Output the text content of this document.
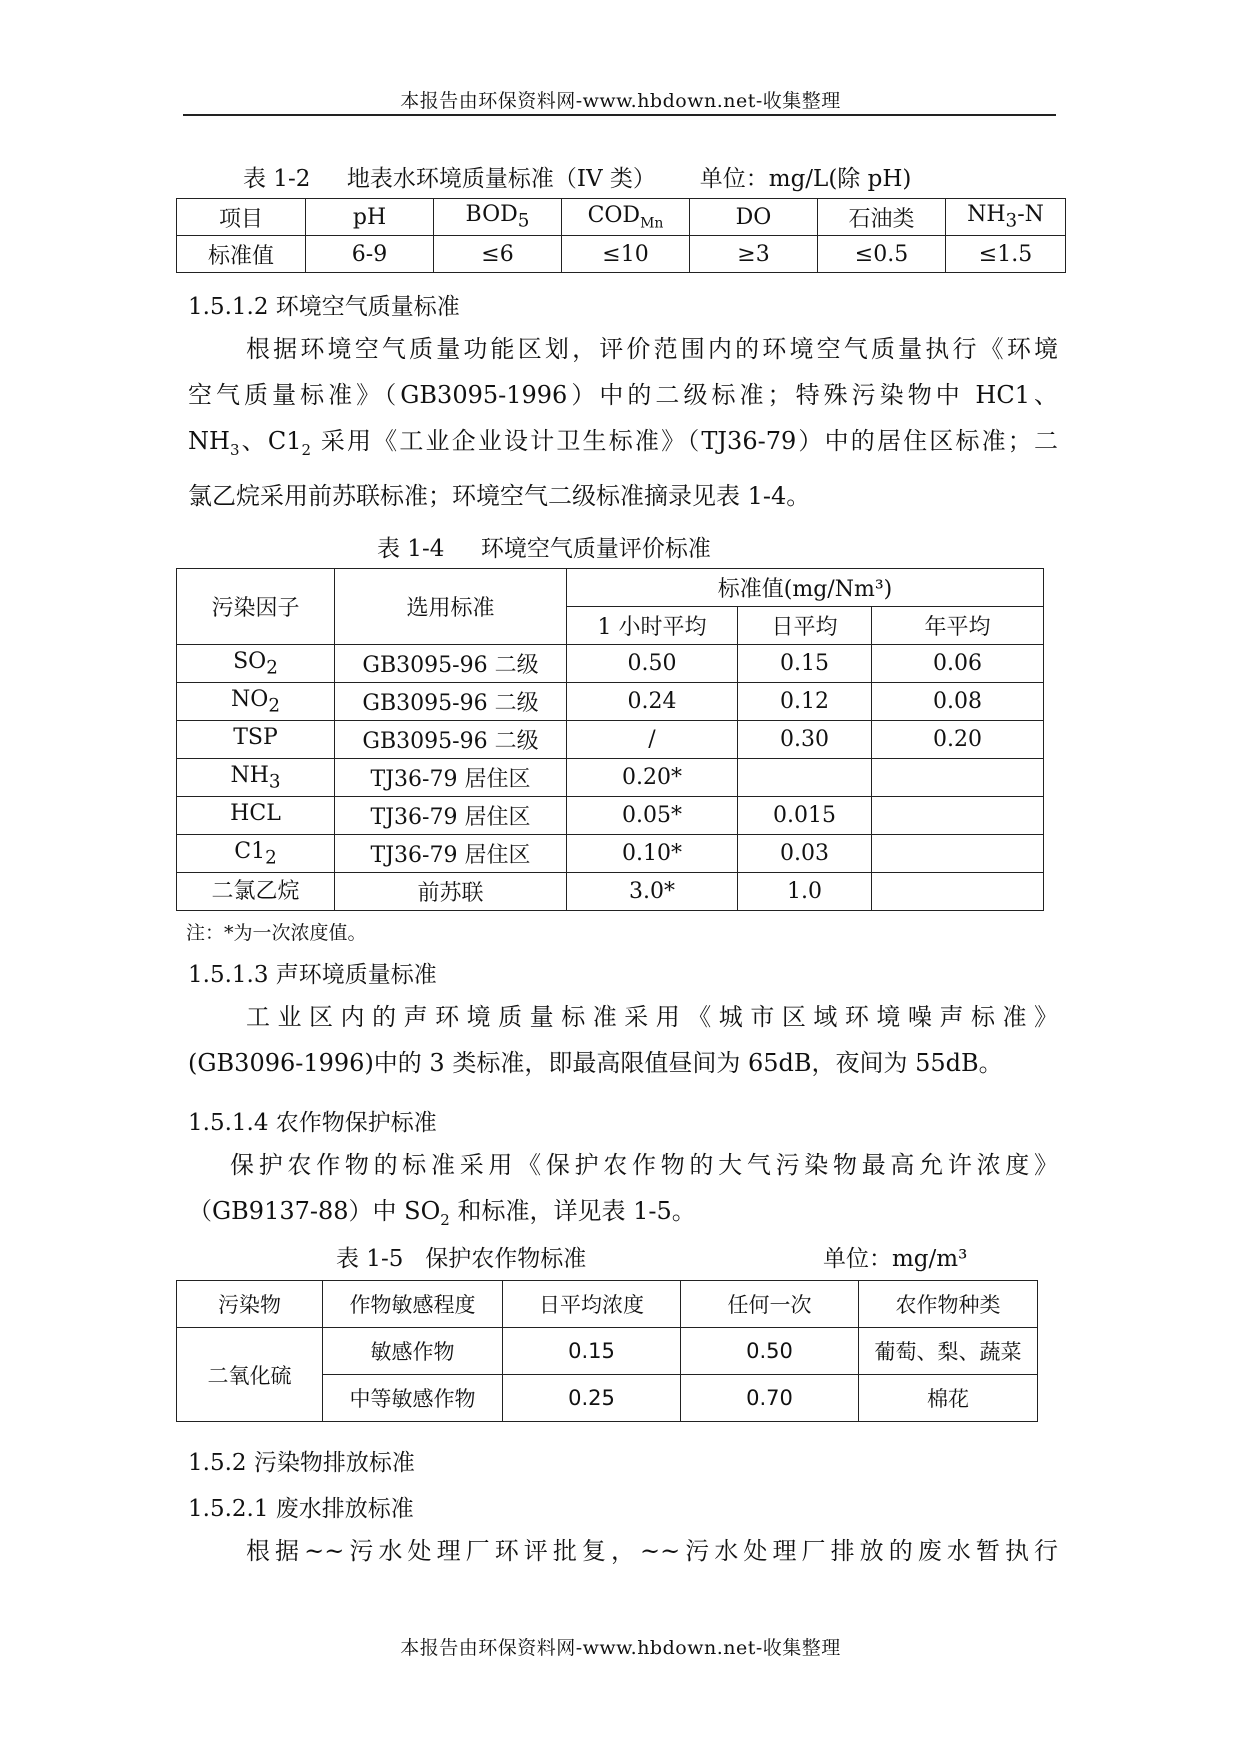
本报告由环保资料网-www.hbdown.net-收集整理
表 1-2     地表水环境质量标准（IV 类）      单位：mg/L(除 pH)
项目	pH	$BOD_5$	$COD_{Mn}$	DO	石油类	$NH_3-N$
标准值	6-9	≤6	≤10	≥3	≤0.5	≤1.5
1.5.1.2 环境空气质量标准

根据环境空气质量功能区划，评价范围内的环境空气质量执行《环境

空气质量标准》（GB3095-1996）中的二级标准；特殊污染物中 HC1、

$NH_3$、$C1_2$ 采用《工业企业设计卫生标准》（TJ36-79）中的居住区标准；二

氯乙烷采用前苏联标准；环境空气二级标准摘录见表 1-4。

表 1-4     环境空气质量评价标准
污染因子	选用标准	标准值(mg/Nm³)		
		1 小时平均	日平均	年平均
$SO_2$	GB3095-96 二级	0.50	0.15	0.06
$NO_2$	GB3095-96 二级	0.24	0.12	0.08
TSP	GB3095-96 二级	/	0.30	0.20
$NH_3$	TJ36-79 居住区	0.20*		
HCL	TJ36-79 居住区	0.05*	0.015	
$C1_2$	TJ36-79 居住区	0.10*	0.03	
二氯乙烷	前苏联	3.0*	1.0	
注：*为一次浓度值。
1.5.1.3 声环境质量标准

工业区内的声环境质量标准采用《城市区域环境噪声标准》

(GB3096-1996)中的 3 类标准，即最高限值昼间为 65dB，夜间为 55dB。

1.5.1.4 农作物保护标准

保护农作物的标准采用《保护农作物的大气污染物最高允许浓度》

（GB9137-88）中 $SO_2$ 和标准，详见表 1-5。

表 1-5   保护农作物标准	单位：mg/m³
污染物	作物敏感程度	日平均浓度	任何一次	农作物种类
二氧化硫	敏感作物	0.15	0.50	葡萄、梨、蔬菜
	中等敏感作物	0.25	0.70	棉花
1.5.2 污染物排放标准
1.5.2.1 废水排放标准

根据~~污水处理厂环评批复，~~污水处理厂排放的废水暂执行

本报告由环保资料网-www.hbdown.net-收集整理
